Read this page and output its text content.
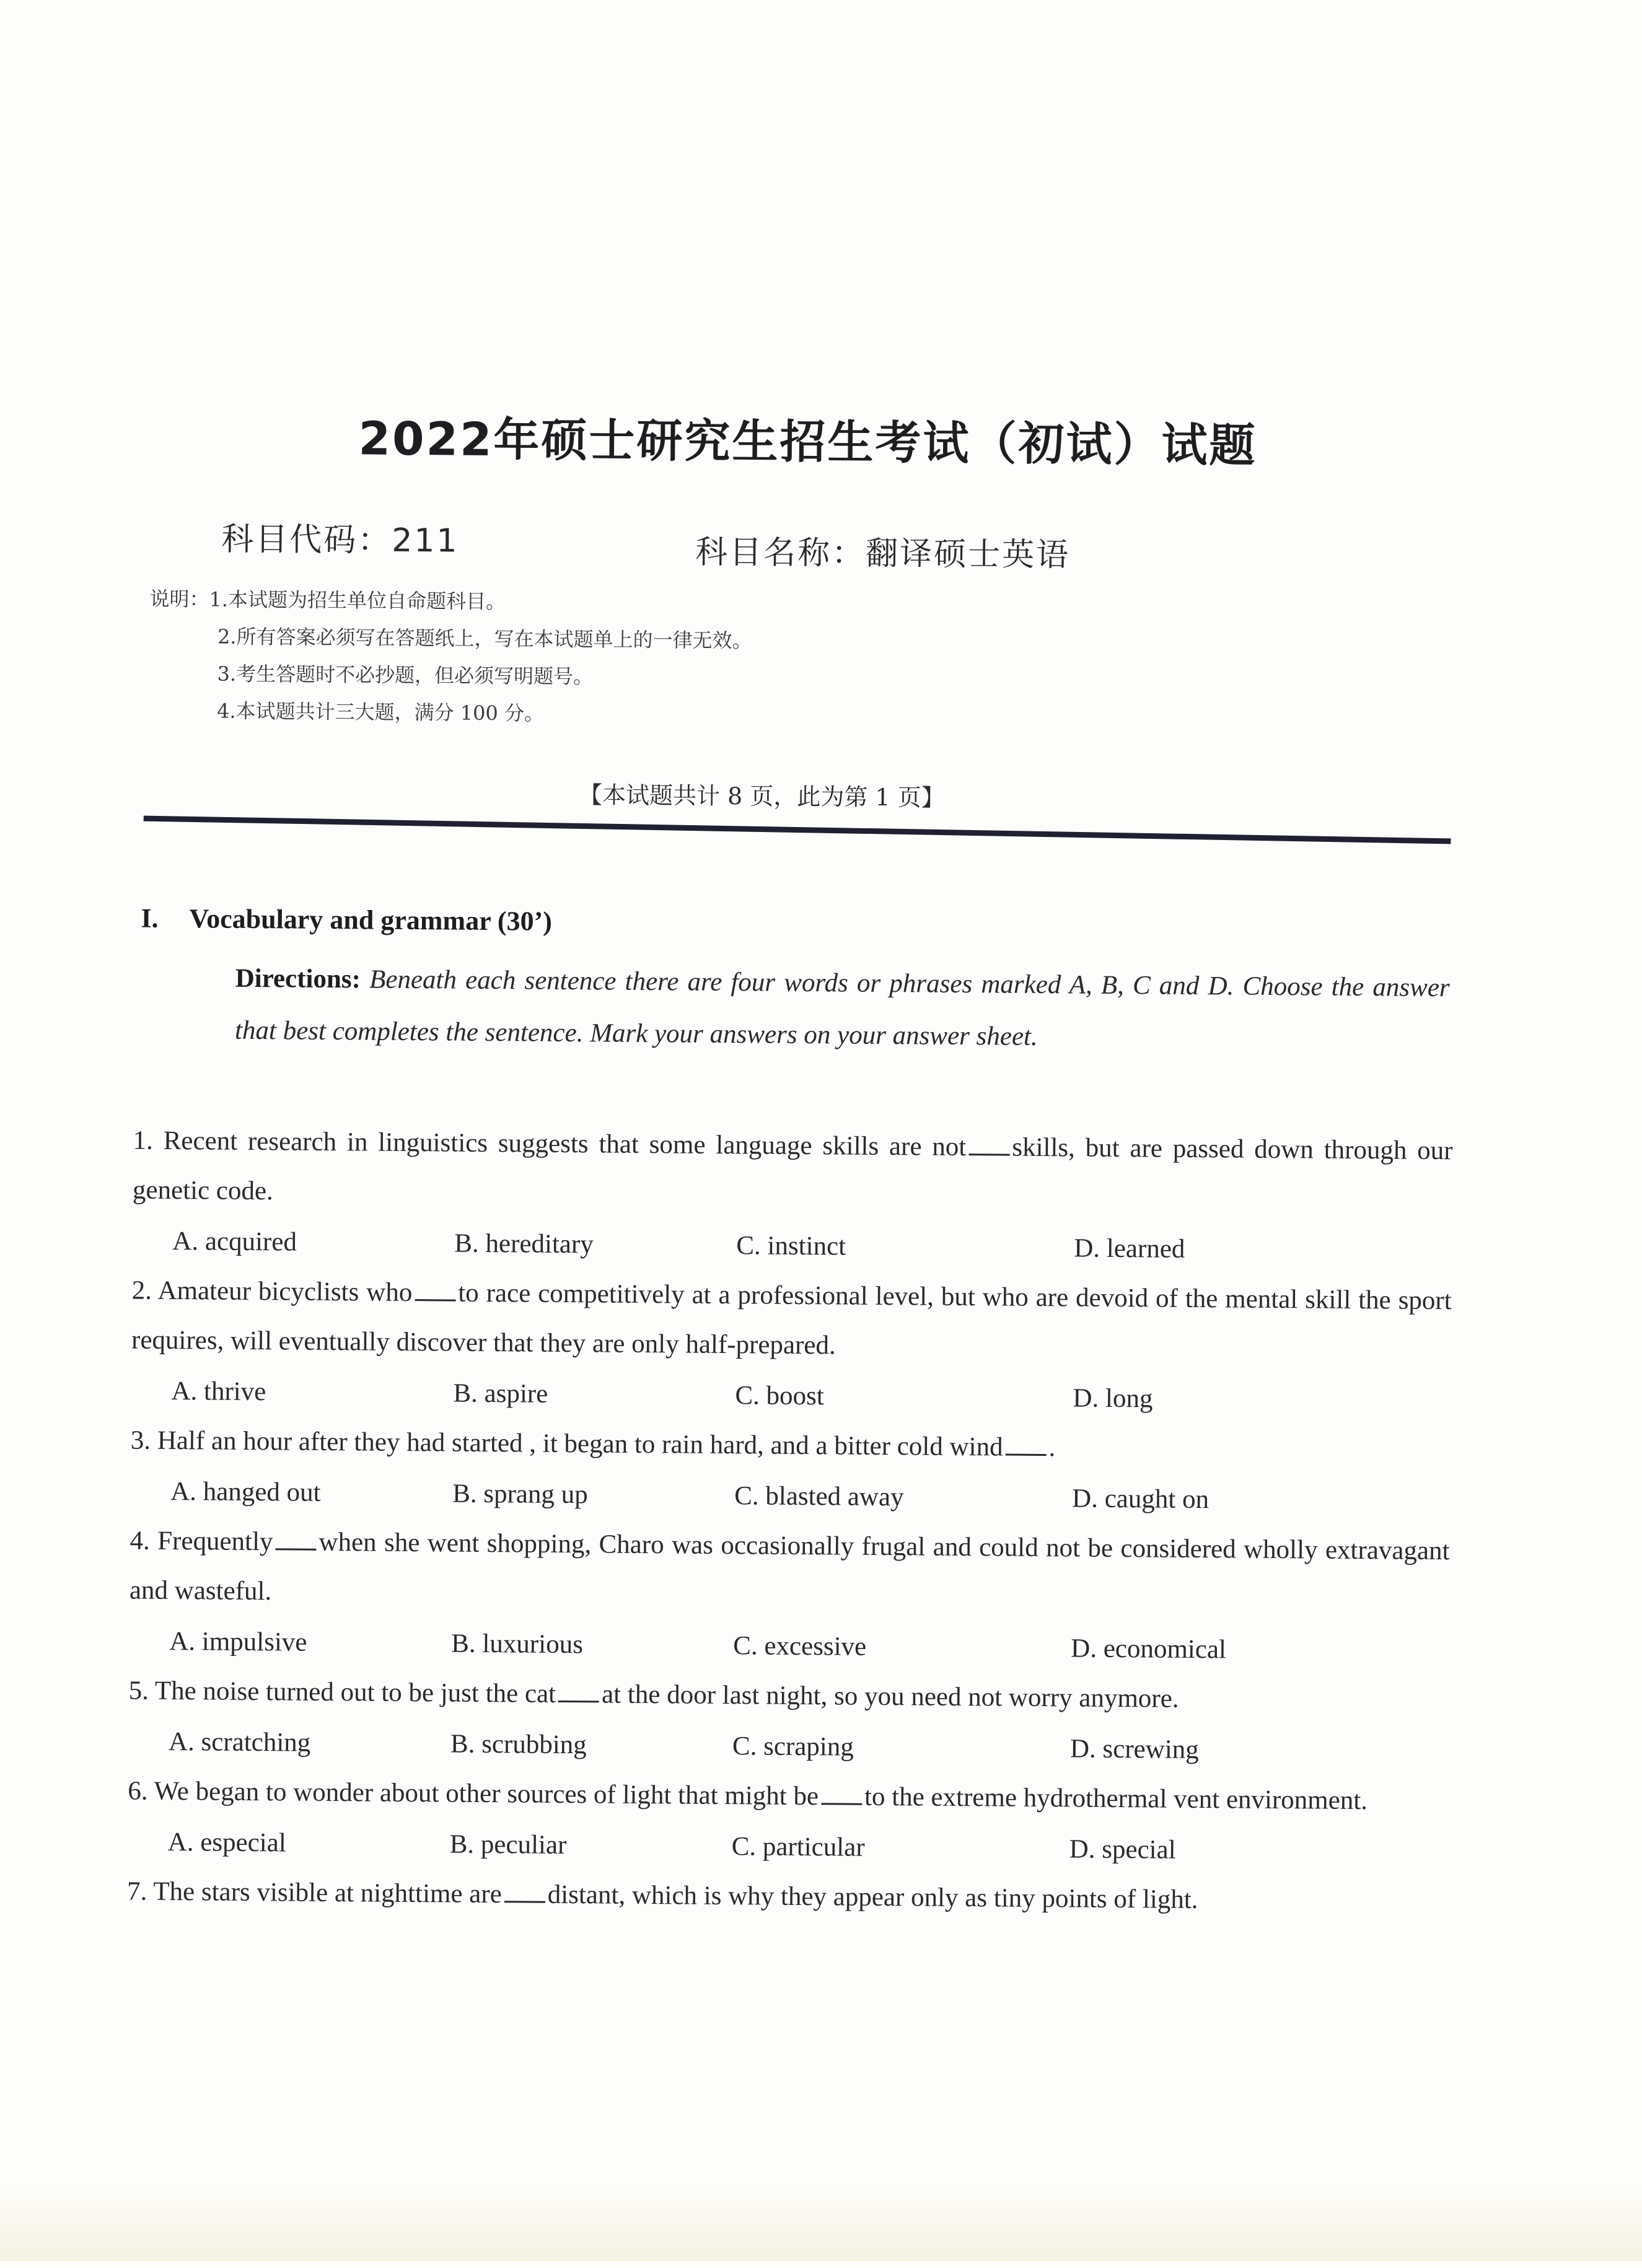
2022年硕士研究生招生考试（初试）试题
科目代码：211	科目名称：翻译硕士英语
说明：1.本试题为招生单位自命题科目。
2.所有答案必须写在答题纸上，写在本试题单上的一律无效。
3.考生答题时不必抄题，但必须写明题号。
4.本试题共计三大题，满分 100 分。
【本试题共计 8 页，此为第 1 页】
I. Vocabulary and grammar (30’)
Directions: Beneath each sentence there are four words or phrases marked A, B, C and D. Choose the answer that best completes the sentence. Mark your answers on your answer sheet.
1. Recent research in linguistics suggests that some language skills are not skills, but are passed down through our genetic code.
A. acquired	B. hereditary	C. instinct	D. learned
2. Amateur bicyclists who to race competitively at a professional level, but who are devoid of the mental skill the sport requires, will eventually discover that they are only half-prepared.
A. thrive	B. aspire	C. boost	D. long
3. Half an hour after they had started , it began to rain hard, and a bitter cold wind .
A. hanged out	B. sprang up	C. blasted away	D. caught on
4. Frequently when she went shopping, Charo was occasionally frugal and could not be considered wholly extravagant and wasteful.
A. impulsive	B. luxurious	C. excessive	D. economical
5. The noise turned out to be just the cat at the door last night, so you need not worry anymore.
A. scratching	B. scrubbing	C. scraping	D. screwing
6. We began to wonder about other sources of light that might be to the extreme hydrothermal vent environment.
A. especial	B. peculiar	C. particular	D. special
7. The stars visible at nighttime are distant, which is why they appear only as tiny points of light.
